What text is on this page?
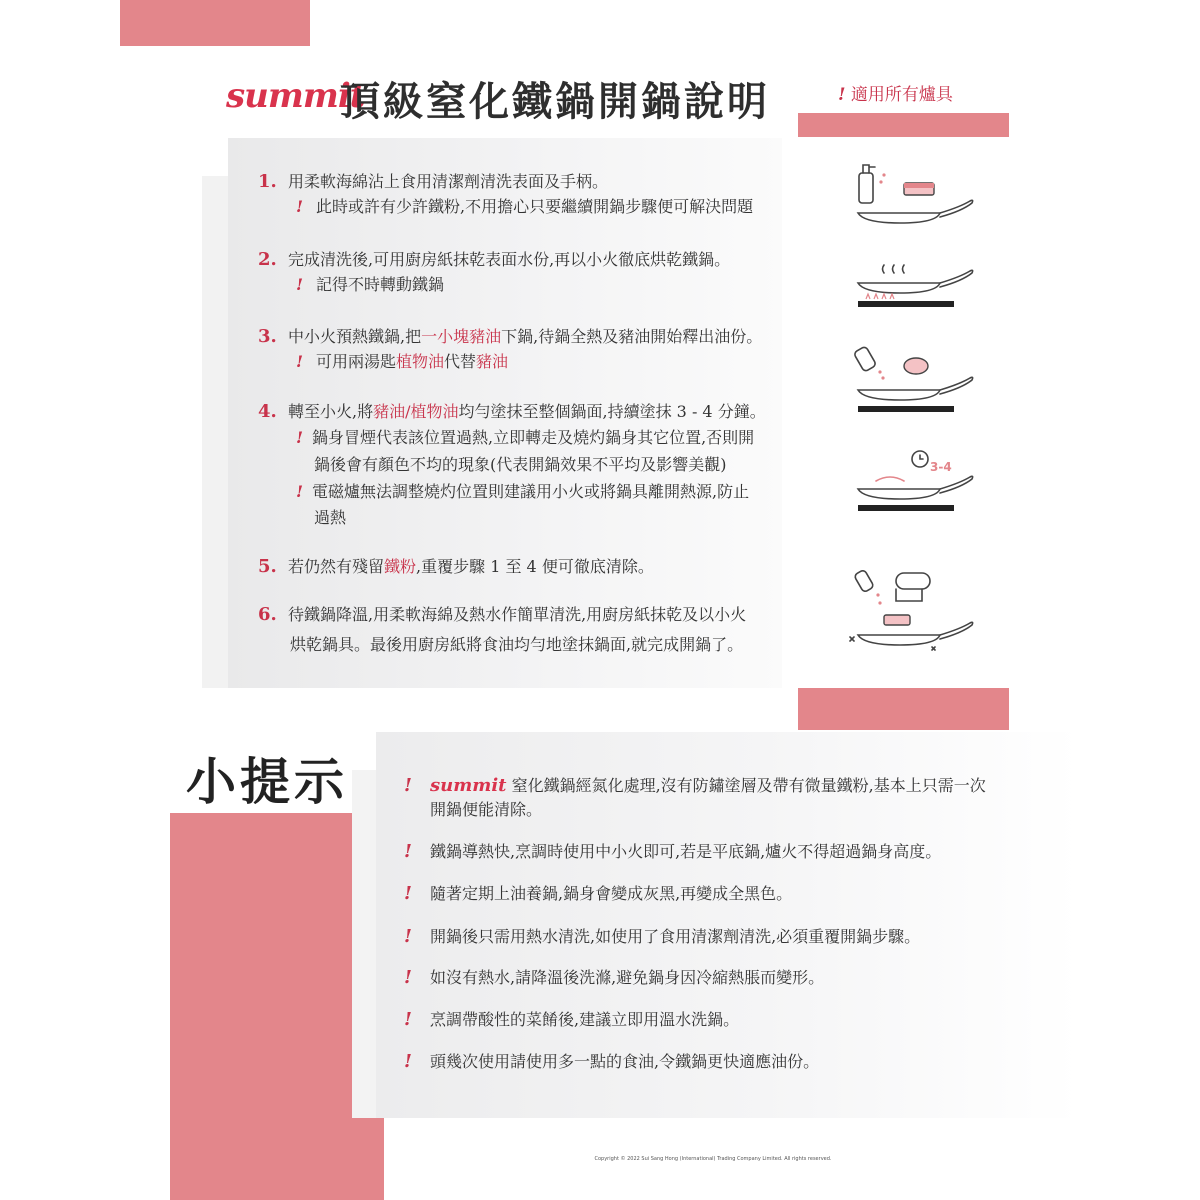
summit
頂級窒化鐵鍋開鍋說明	! 適用所有爐具
1. 用柔軟海綿沾上食用清潔劑清洗表面及手柄。
! 此時或許有少許鐵粉,不用擔心只要繼續開鍋步驟便可解決問題
2. 完成清洗後,可用廚房紙抹乾表面水份,再以小火徹底烘乾鐵鍋。
! 記得不時轉動鐵鍋
3. 中小火預熱鐵鍋,把一小塊豬油下鍋,待鍋全熱及豬油開始釋出油份。
! 可用兩湯匙植物油代替豬油
4. 轉至小火,將豬油/植物油均勻塗抹至整個鍋面,持續塗抹 3 - 4 分鐘。
! 鍋身冒煙代表該位置過熱,立即轉走及燒灼鍋身其它位置,否則開
鍋後會有顏色不均的現象(代表開鍋效果不平均及影響美觀)
! 電磁爐無法調整燒灼位置則建議用小火或將鍋具離開熱源,防止
過熱
5. 若仍然有殘留鐵粉,重覆步驟 1 至 4 便可徹底清除。
6. 待鐵鍋降溫,用柔軟海綿及熱水作簡單清洗,用廚房紙抹乾及以小火
烘乾鍋具。最後用廚房紙將食油均勻地塗抹鍋面,就完成開鍋了。
3-4
小提示	! summit 窒化鐵鍋經氮化處理,沒有防鏽塗層及帶有微量鐵粉,基本上只需一次
開鍋便能清除。
! 鐵鍋導熱快,烹調時使用中小火即可,若是平底鍋,爐火不得超過鍋身高度。
! 隨著定期上油養鍋,鍋身會變成灰黑,再變成全黑色。
! 開鍋後只需用熱水清洗,如使用了食用清潔劑清洗,必須重覆開鍋步驟。
! 如沒有熱水,請降溫後洗滌,避免鍋身因冷縮熱脹而變形。
! 烹調帶酸性的菜餚後,建議立即用溫水洗鍋。
! 頭幾次使用請使用多一點的食油,令鐵鍋更快適應油份。
Copyright © 2022 Sui Sang Hong (International) Trading Company Limited. All rights reserved.
